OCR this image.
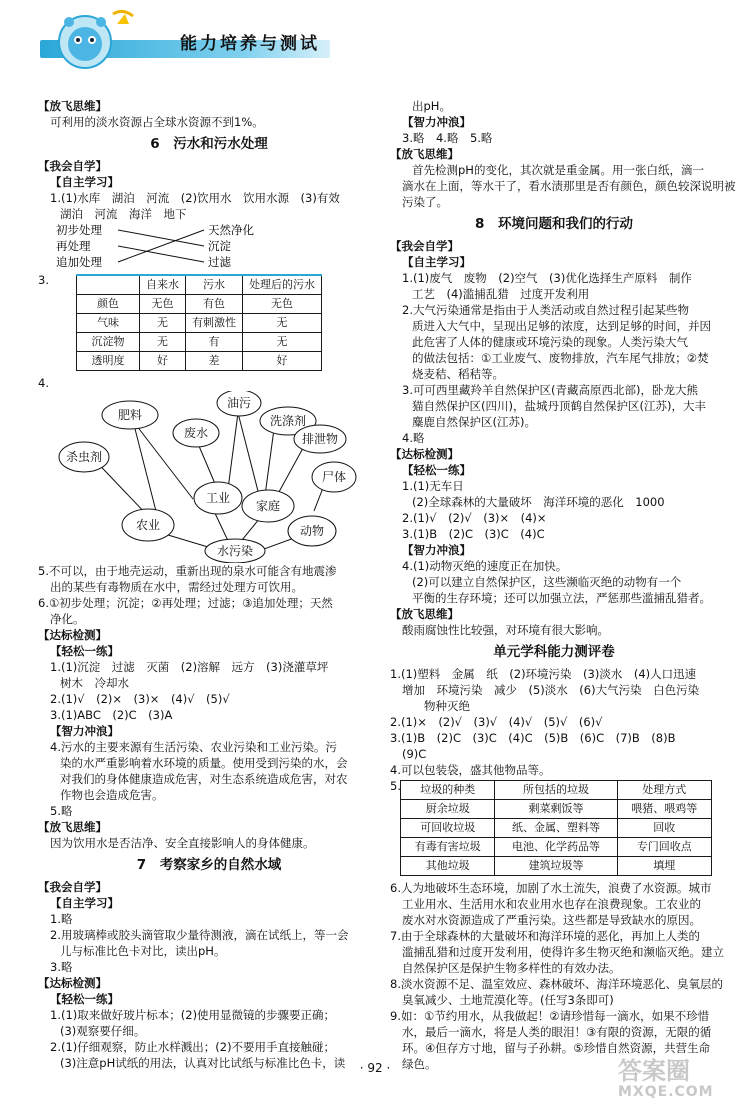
能力培养与测试
【放飞思维】
可利用的淡水资源占全球水资源不到1%。
6　污水和污水处理
【我会自学】
【自主学习】
1.(1)水库　湖泊　河流　(2)饮用水　饮用水源　(3)有效
湖泊　河流　海洋　地下
初步处理
再处理
追加处理
天然净化
沉淀
过滤
3.
		自来水	污水	处理后的污水
颜色	无色	有色	无色
气味	无	有刺激性	无
沉淀物	无	有	无
透明度	好	差	好
4.
肥料
油污
洗涤剂
排泄物
废水
杀虫剂
工业
家庭
尸体
农业	动物
水污染
5.不可以，由于地壳运动，重新出现的泉水可能含有地震渗
出的某些有毒物质在水中，需经过处理方可饮用。
6.①初步处理；沉淀；②再处理；过滤；③追加处理；天然
净化。
【达标检测】
【轻松一练】
1.(1)沉淀　过滤　灭菌　(2)溶解　远方　(3)浇灌草坪
树木　冷却水
2.(1)√　(2)×　(3)×　(4)√　(5)√
3.(1)ABC　(2)C　(3)A
【智力冲浪】
4.污水的主要来源有生活污染、农业污染和工业污染。污
染的水严重影响着水环境的质量。使用受到污染的水，会
对我们的身体健康造成危害，对生态系统造成危害，对农
作物也会造成危害。
5.略
【放飞思维】
因为饮用水是否洁净、安全直接影响人的身体健康。
7　考察家乡的自然水域
【我会自学】
【自主学习】
1.略
2.用玻璃棒或胶头滴管取少量待测液，滴在试纸上，等一会
儿与标准比色卡对比，读出pH。
3.略
【达标检测】
【轻松一练】
1.(1)取来做好玻片标本；(2)使用显微镜的步骤要正确；
(3)观察要仔细。
2.(1)仔细观察，防止水样溅出；(2)不要用手直接触碰；
(3)注意pH试纸的用法，认真对比试纸与标准比色卡，读
出pH。
【智力冲浪】
3.略　4.略　5.略
【放飞思维】
首先检测pH的变化，其次就是重金属。用一张白纸，滴一
滴水在上面，等水干了，看水渍那里是否有颜色，颜色较深说明被
污染了。
8　环境问题和我们的行动
【我会自学】
【自主学习】
1.(1)废气　废物　(2)空气　(3)优化选择生产原料　制作
工艺　(4)滥捕乱猎　过度开发利用
2.大气污染通常是指由于人类活动或自然过程引起某些物
质进入大气中，呈现出足够的浓度，达到足够的时间，并因
此危害了人体的健康或环境污染的现象。人类污染大气
的做法包括：①工业废气、废物排放，汽车尾气排放；②焚
烧麦秸、稻秸等。
3.可可西里藏羚羊自然保护区(青藏高原西北部)，卧龙大熊
猫自然保护区(四川)，盐城丹顶鹤自然保护区(江苏)，大丰
麋鹿自然保护区(江苏)。
4.略
【达标检测】
【轻松一练】
1.(1)无车日
(2)全球森林的大量破坏　海洋环境的恶化　1000
2.(1)√　(2)√　(3)×　(4)×
3.(1)B　(2)C　(3)C　(4)C
【智力冲浪】
4.(1)动物灭绝的速度正在加快。
(2)可以建立自然保护区，这些濒临灭绝的动物有一个
平衡的生存环境；还可以加强立法，严惩那些滥捕乱猎者。
【放飞思维】
酸雨腐蚀性比较强，对环境有很大影响。
单元学科能力测评卷
1.(1)塑料　金属　纸　(2)环境污染　(3)淡水　(4)人口迅速
增加　环境污染　减少　(5)淡水　(6)大气污染　白色污染
物种灭绝
2.(1)×　(2)√　(3)√　(4)√　(5)√　(6)√
3.(1)B　(2)C　(3)C　(4)C　(5)B　(6)C　(7)B　(8)B
(9)C
4.可以包装袋，盛其他物品等。
5.	垃圾的种类	所包括的垃圾	处理方式
厨余垃圾	剩菜剩饭等	喂猪、喂鸡等
可回收垃圾	纸、金属、塑料等	回收
有毒有害垃圾	电池、化学药品等	专门回收点
其他垃圾	建筑垃圾等	填埋
6.人为地破坏生态环境，加剧了水土流失，浪费了水资源。城市
工业用水、生活用水和农业用水也存在浪费现象。工农业的
废水对水资源造成了严重污染。这些都是导致缺水的原因。
7.由于全球森林的大量破坏和海洋环境的恶化，再加上人类的
滥捕乱猎和过度开发利用，使得许多生物灭绝和濒临灭绝。建立
自然保护区是保护生物多样性的有效办法。
8.淡水资源不足、温室效应、森林破坏、海洋环境恶化、臭氧层的
臭氧减少、土地荒漠化等。(任写3条即可)
9.如：①节约用水，从我做起！②请珍惜每一滴水，如果不珍惜
水，最后一滴水，将是人类的眼泪！③有限的资源，无限的循
环。④但存方寸地，留与子孙耕。⑤珍惜自然资源，共营生命
绿色。
· 92 ·	答案圈
MXQE.COM
